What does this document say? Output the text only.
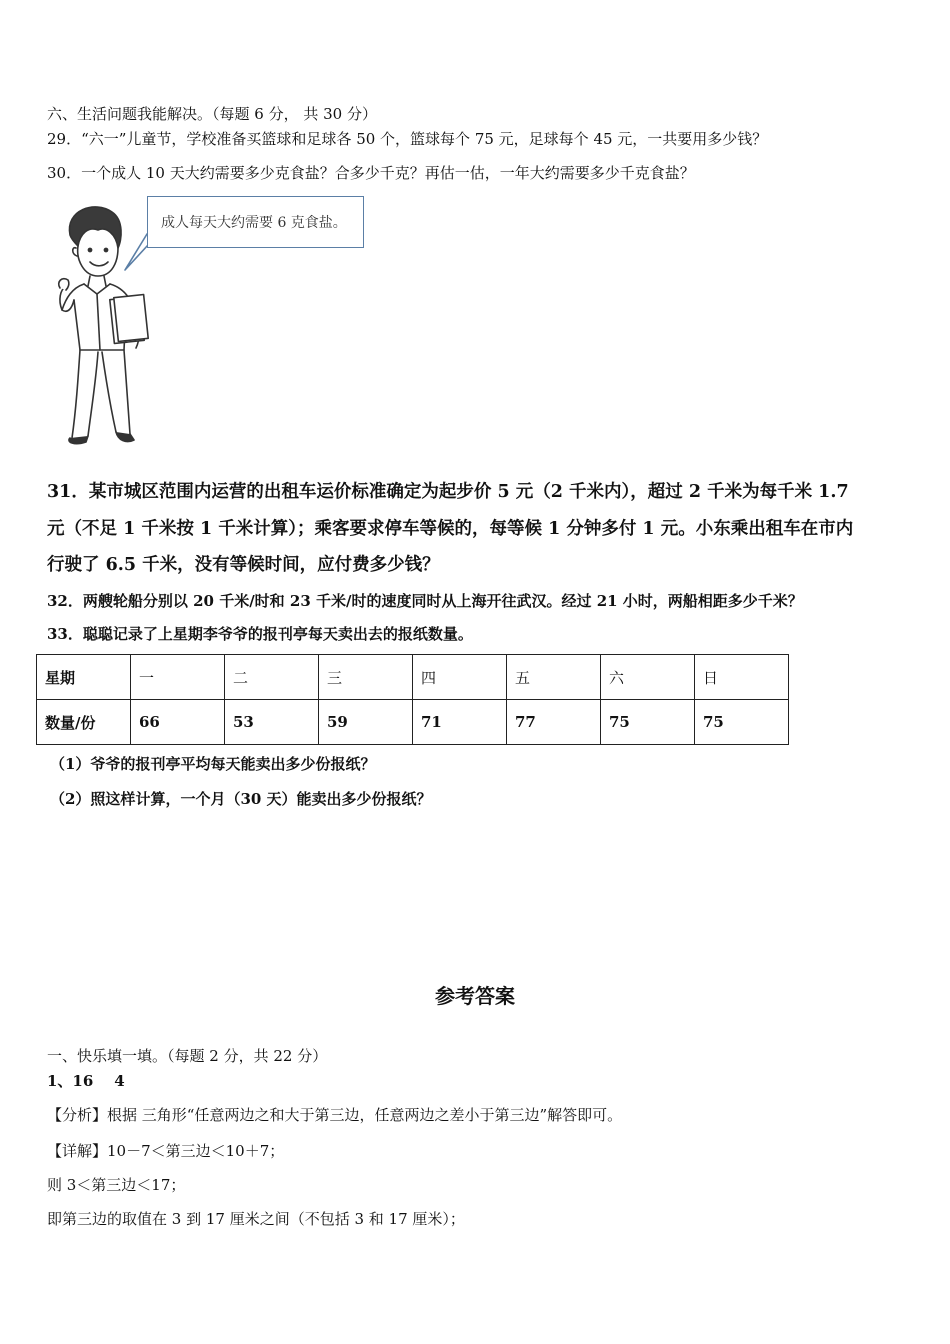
六、生活问题我能解决。（每题 6 分， 共 30 分）
29．“六一”儿童节，学校准备买篮球和足球各 50 个，篮球每个 75 元，足球每个 45 元，一共要用多少钱？
30．一个成人 10 天大约需要多少克食盐？合多少千克？再估一估，一年大约需要多少千克食盐？
成人每天大约需要 6 克食盐。
31．某市城区范围内运营的出租车运价标准确定为起步价 5 元（2 千米内），超过 2 千米为每千米 1.7
元（不足 1 千米按 1 千米计算）；乘客要求停车等候的，每等候 1 分钟多付 1 元。小东乘出租车在市内
行驶了 6.5 千米，没有等候时间，应付费多少钱？
32．两艘轮船分别以 20 千米/时和 23 千米/时的速度同时从上海开往武汉。经过 21 小时，两船相距多少千米？
33．聪聪记录了上星期李爷爷的报刊亭每天卖出去的报纸数量。
星期	一	二	三	四	五	六	日
数量/份	66	53	59	71	77	75	75
（1）爷爷的报刊亭平均每天能卖出多少份报纸？
（2）照这样计算，一个月（30 天）能卖出多少份报纸？
参考答案
一、快乐填一填。（每题 2 分，共 22 分）
1、16    4
【分析】根据 三角形“任意两边之和大于第三边，任意两边之差小于第三边”解答即可。
【详解】10－7＜第三边＜10＋7；
则 3＜第三边＜17；
即第三边的取值在 3 到 17 厘米之间（不包括 3 和 17 厘米）；
